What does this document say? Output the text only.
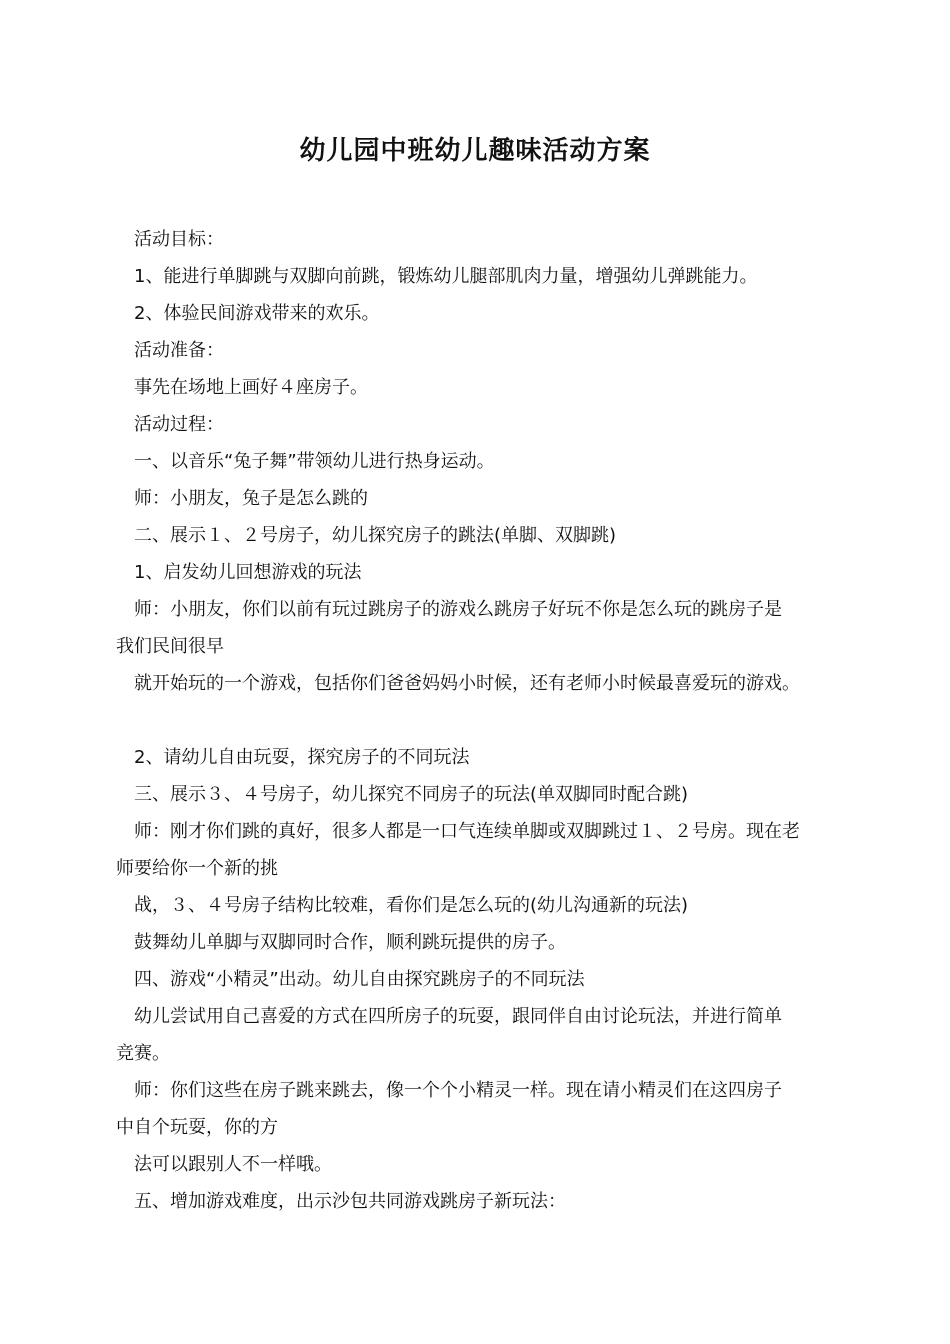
幼儿园中班幼儿趣味活动方案
活动目标：
1、能进行单脚跳与双脚向前跳，锻炼幼儿腿部肌肉力量，增强幼儿弹跳能力。
2、体验民间游戏带来的欢乐。
活动准备：
事先在场地上画好４座房子。
活动过程：
一、以音乐“兔子舞”带领幼儿进行热身运动。
师：小朋友，兔子是怎么跳的
二、展示１、２号房子，幼儿探究房子的跳法(单脚、双脚跳)
1、启发幼儿回想游戏的玩法
师：小朋友，你们以前有玩过跳房子的游戏么跳房子好玩不你是怎么玩的跳房子是
我们民间很早
就开始玩的一个游戏，包括你们爸爸妈妈小时候，还有老师小时候最喜爱玩的游戏。
2、请幼儿自由玩耍，探究房子的不同玩法
三、展示３、４号房子，幼儿探究不同房子的玩法(单双脚同时配合跳)
师：刚才你们跳的真好，很多人都是一口气连续单脚或双脚跳过１、２号房。现在老
师要给你一个新的挑
战，３、４号房子结构比较难，看你们是怎么玩的(幼儿沟通新的玩法)
鼓舞幼儿单脚与双脚同时合作，顺利跳玩提供的房子。
四、游戏“小精灵”出动。幼儿自由探究跳房子的不同玩法
幼儿尝试用自己喜爱的方式在四所房子的玩耍，跟同伴自由讨论玩法，并进行简单
竞赛。
师：你们这些在房子跳来跳去，像一个个小精灵一样。现在请小精灵们在这四房子
中自个玩耍，你的方
法可以跟别人不一样哦。
五、增加游戏难度，出示沙包共同游戏跳房子新玩法：
